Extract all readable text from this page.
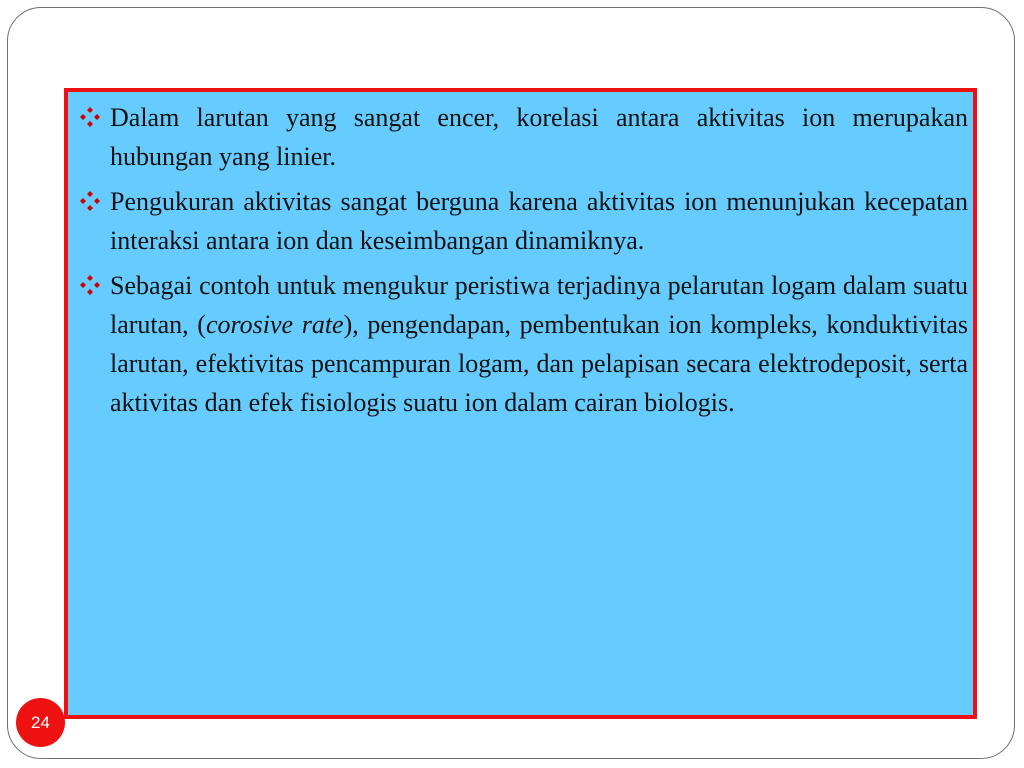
Dalam larutan yang sangat encer, korelasi antara aktivitas ion merupakan hubungan yang linier.
Pengukuran aktivitas sangat berguna karena aktivitas ion menunjukan kecepatan interaksi antara ion dan keseimbangan dinamiknya.
Sebagai contoh untuk mengukur peristiwa terjadinya pelarutan logam dalam suatu larutan, (corosive rate), pengendapan, pembentukan ion kompleks, konduktivitas larutan, efektivitas pencampuran logam, dan pelapisan secara elektrodeposit, serta aktivitas dan efek fisiologis suatu ion dalam cairan biologis.
24
